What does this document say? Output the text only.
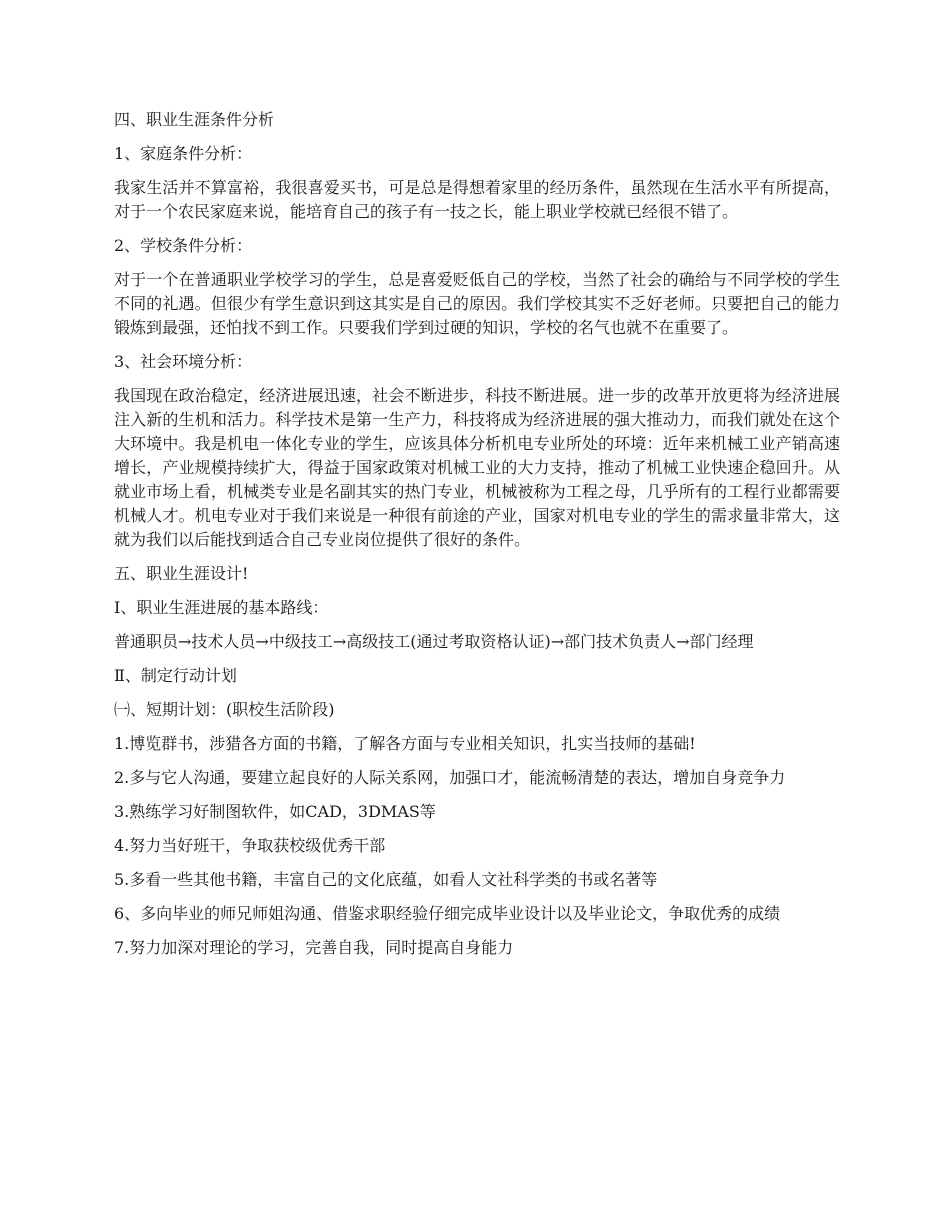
四、职业生涯条件分析

1、家庭条件分析：

我家生活并不算富裕，我很喜爱买书，可是总是得想着家里的经历条件，虽然现在生活水平有所提高，对于一个农民家庭来说，能培育自己的孩子有一技之长，能上职业学校就已经很不错了。

2、学校条件分析：

对于一个在普通职业学校学习的学生，总是喜爱贬低自己的学校，当然了社会的确给与不同学校的学生不同的礼遇。但很少有学生意识到这其实是自己的原因。我们学校其实不乏好老师。只要把自己的能力锻炼到最强，还怕找不到工作。只要我们学到过硬的知识，学校的名气也就不在重要了。

3、社会环境分析：

我国现在政治稳定，经济进展迅速，社会不断进步，科技不断进展。进一步的改革开放更将为经济进展注入新的生机和活力。科学技术是第一生产力，科技将成为经济进展的强大推动力，而我们就处在这个大环境中。我是机电一体化专业的学生，应该具体分析机电专业所处的环境：近年来机械工业产销高速增长，产业规模持续扩大，得益于国家政策对机械工业的大力支持，推动了机械工业快速企稳回升。从就业市场上看，机械类专业是名副其实的热门专业，机械被称为工程之母，几乎所有的工程行业都需要机械人才。机电专业对于我们来说是一种很有前途的产业，国家对机电专业的学生的需求量非常大，这就为我们以后能找到适合自己专业岗位提供了很好的条件。

五、职业生涯设计!

I、职业生涯进展的基本路线：

普通职员→技术人员→中级技工→高级技工(通过考取资格认证)→部门技术负责人→部门经理

Ⅱ、制定行动计划

㈠、短期计划：(职校生活阶段)

1.博览群书，涉猎各方面的书籍，了解各方面与专业相关知识，扎实当技师的基础!

2.多与它人沟通，要建立起良好的人际关系网，加强口才，能流畅清楚的表达，增加自身竞争力

3.熟练学习好制图软件，如CAD，3DMAS等

4.努力当好班干，争取获校级优秀干部

5.多看一些其他书籍，丰富自己的文化底蕴，如看人文社科学类的书或名著等

6、多向毕业的师兄师姐沟通、借鉴求职经验仔细完成毕业设计以及毕业论文，争取优秀的成绩

7.努力加深对理论的学习，完善自我，同时提高自身能力
